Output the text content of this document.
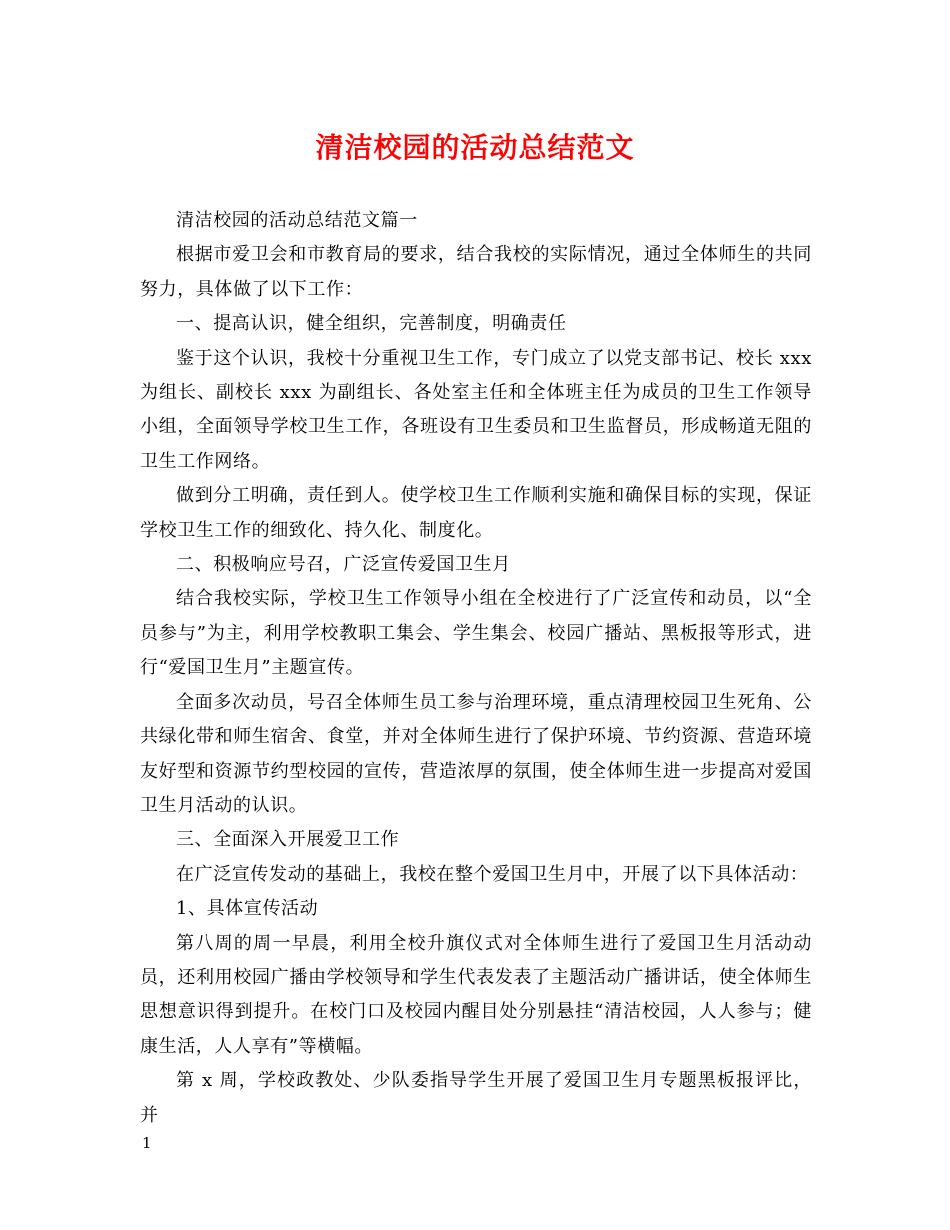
清洁校园的活动总结范文

清洁校园的活动总结范文篇一

根据市爱卫会和市教育局的要求，结合我校的实际情况，通过全体师生的共同努力，具体做了以下工作：

一、提高认识，健全组织，完善制度，明确责任

鉴于这个认识，我校十分重视卫生工作，专门成立了以党支部书记、校长 xxx 为组长、副校长 xxx 为副组长、各处室主任和全体班主任为成员的卫生工作领导小组，全面领导学校卫生工作，各班设有卫生委员和卫生监督员，形成畅道无阻的卫生工作网络。

做到分工明确，责任到人。使学校卫生工作顺利实施和确保目标的实现，保证学校卫生工作的细致化、持久化、制度化。

二、积极响应号召，广泛宣传爱国卫生月

结合我校实际，学校卫生工作领导小组在全校进行了广泛宣传和动员，以“全员参与”为主，利用学校教职工集会、学生集会、校园广播站、黑板报等形式，进行“爱国卫生月”主题宣传。

全面多次动员，号召全体师生员工参与治理环境，重点清理校园卫生死角、公共绿化带和师生宿舍、食堂，并对全体师生进行了保护环境、节约资源、营造环境友好型和资源节约型校园的宣传，营造浓厚的氛围，使全体师生进一步提高对爱国卫生月活动的认识。

三、全面深入开展爱卫工作

在广泛宣传发动的基础上，我校在整个爱国卫生月中，开展了以下具体活动：

1、具体宣传活动

第八周的周一早晨，利用全校升旗仪式对全体师生进行了爱国卫生月活动动员，还利用校园广播由学校领导和学生代表发表了主题活动广播讲话，使全体师生思想意识得到提升。在校门口及校园内醒目处分别悬挂“清洁校园，人人参与；健康生活，人人享有”等横幅。

第 x 周，学校政教处、少队委指导学生开展了爱国卫生月专题黑板报评比，并

1
